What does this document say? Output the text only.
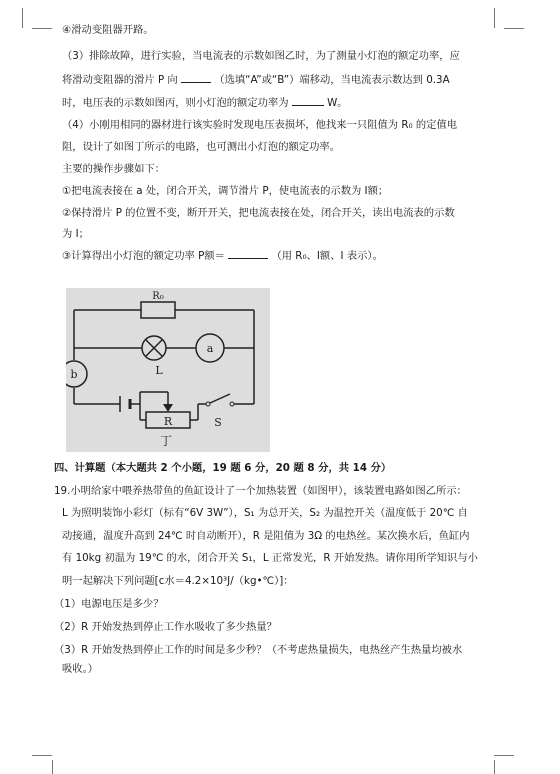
④滑动变阻器开路。
（3）排除故障，进行实验，当电流表的示数如图乙时，为了测量小灯泡的额定功率，应
将滑动变阻器的滑片 P 向	（选填“A”或“B”）端移动，当电流表示数达到 0.3A
时，电压表的示数如图丙，则小灯泡的额定功率为	W。
（4）小刚用相同的器材进行该实验时发现电压表损坏，他找来一只阻值为 R₀ 的定值电
阻，设计了如图丁所示的电路，也可测出小灯泡的额定功率。
主要的操作步骤如下：
①把电流表接在 a 处，闭合开关，调节滑片 P，使电流表的示数为 I额；
②保持滑片 P 的位置不变，断开开关，把电流表接在处，闭合开关，读出电流表的示数
为 I；
③计算得出小灯泡的额定功率 P额＝	（用 R₀、I额、I 表示）。
R₀
a
b	L
R	S
丁
四、计算题（本大题共 2 个小题，19 题 6 分，20 题 8 分，共 14 分）
19.小明给家中喂养热带鱼的鱼缸设计了一个加热装置（如图甲），该装置电路如图乙所示：
L 为照明装饰小彩灯（标有“6V 3W”），S₁ 为总开关，S₂ 为温控开关（温度低于 20℃ 自
动接通，温度升高到 24℃ 时自动断开），R 是阻值为 3Ω 的电热丝。某次换水后，鱼缸内
有 10kg 初温为 19℃ 的水，闭合开关 S₁，L 正常发光，R 开始发热。请你用所学知识与小
明一起解决下列问题[c水＝4.2×10³J/（kg•℃）]：
（1）电源电压是多少？
（2）R 开始发热到停止工作水吸收了多少热量？
（3）R 开始发热到停止工作的时间是多少秒？（不考虑热量损失，电热丝产生热量均被水
吸收。）
